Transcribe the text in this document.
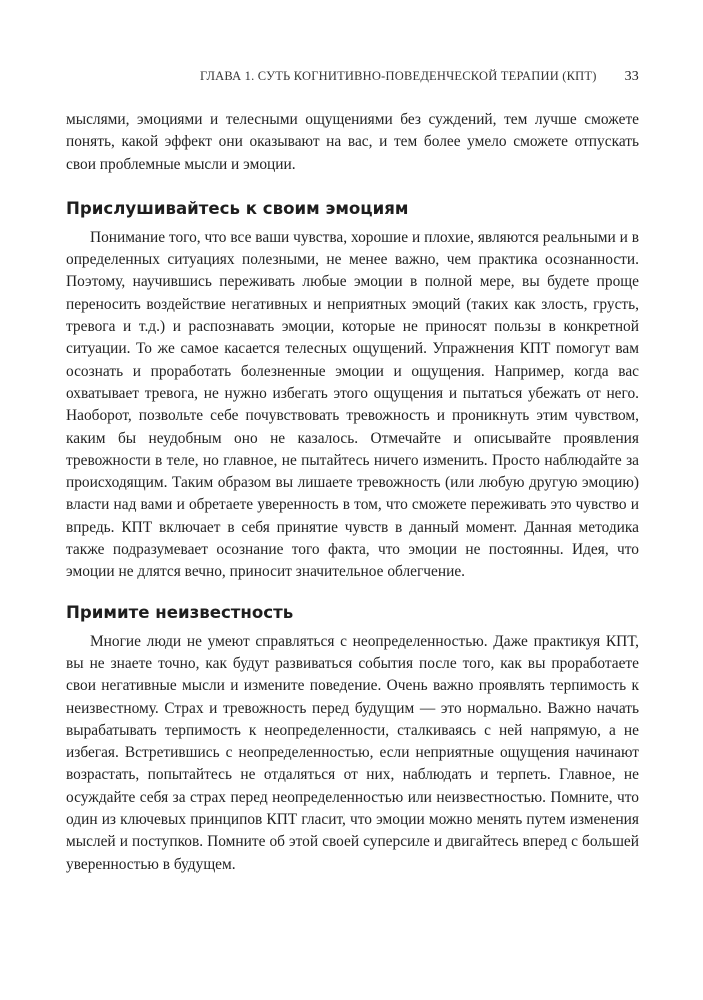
ГЛАВА 1. СУТЬ КОГНИТИВНО-ПОВЕДЕНЧЕСКОЙ ТЕРАПИИ (КПТ) 33

мыслями, эмоциями и телесными ощущениями без суждений, тем лучше сможете понять, какой эффект они оказывают на вас, и тем более умело сможете отпускать свои проблемные мысли и эмоции.

Прислушивайтесь к своим эмоциям

Понимание того, что все ваши чувства, хорошие и плохие, являются реальными и в определенных ситуациях полезными, не менее важно, чем практика осознанности. Поэтому, научившись переживать любые эмоции в полной мере, вы будете проще переносить воздействие негативных и неприятных эмоций (таких как злость, грусть, тревога и т.д.) и распознавать эмоции, которые не приносят пользы в конкретной ситуации. То же самое касается телесных ощущений. Упражнения КПТ помогут вам осознать и проработать болезненные эмоции и ощущения. Например, когда вас охватывает тревога, не нужно избегать этого ощущения и пытаться убежать от него. Наоборот, позвольте себе почувствовать тревожность и проникнуть этим чувством, каким бы неудобным оно не казалось. Отмечайте и описывайте проявления тревожности в теле, но главное, не пытайтесь ничего изменить. Просто наблюдайте за происходящим. Таким образом вы лишаете тревожность (или любую другую эмоцию) власти над вами и обретаете уверенность в том, что сможете переживать это чувство и впредь. КПТ включает в себя принятие чувств в данный момент. Данная методика также подразумевает осознание того факта, что эмоции не постоянны. Идея, что эмоции не длятся вечно, приносит значительное облегчение.

Примите неизвестность

Многие люди не умеют справляться с неопределенностью. Даже практикуя КПТ, вы не знаете точно, как будут развиваться события после того, как вы проработаете свои негативные мысли и измените поведение. Очень важно проявлять терпимость к неизвестному. Страх и тревожность перед будущим — это нормально. Важно начать вырабатывать терпимость к неопределенности, сталкиваясь с ней напрямую, а не избегая. Встретившись с неопределенностью, если неприятные ощущения начинают возрастать, попытайтесь не отдаляться от них, наблюдать и терпеть. Главное, не осуждайте себя за страх перед неопределенностью или неизвестностью. Помните, что один из ключевых принципов КПТ гласит, что эмоции можно менять путем изменения мыслей и поступков. Помните об этой своей суперсиле и двигайтесь вперед с большей уверенностью в будущем.
